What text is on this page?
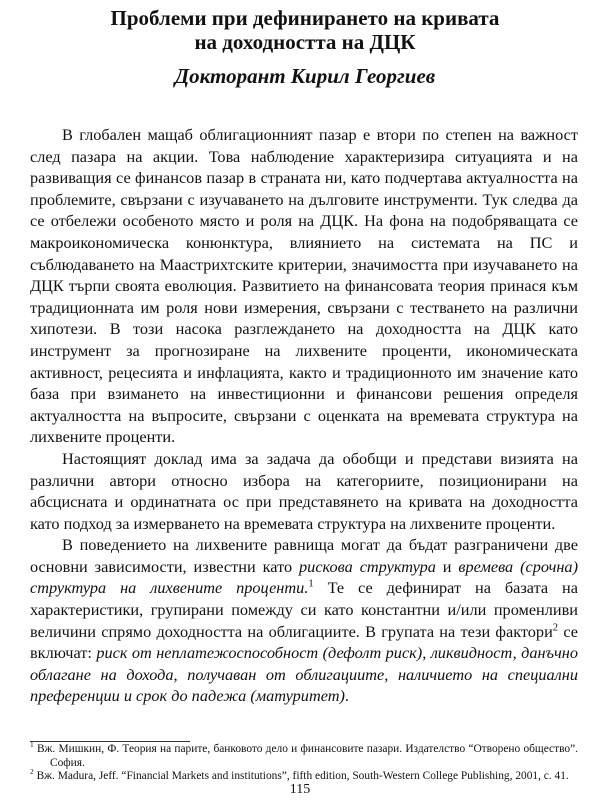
Проблеми при дефинирането на кривата
на доходността на ДЦК
Докторант Кирил Георгиев

В глобален мащаб облигационният пазар е втори по степен на важност след пазара на акции. Това наблюдение характеризира ситуацията и на развиващия се финансов пазар в страната ни, като подчертава актуалността на проблемите, свързани с изучаването на дълговите инструменти. Тук следва да се отбележи особеното място и роля на ДЦК. На фона на подобряващата се макроикономическа конюнктура, влиянието на системата на ПС и съблюдаването на Маастрихтските критерии, значимостта при изучаването на ДЦК търпи своята еволюция. Развитието на финансовата теория принася към традиционната им роля нови измерения, свързани с тестването на различни хипотези. В този насока разглеждането на доходността на ДЦК като инструмент за прогнозиране на лихвените проценти, икономическата активност, рецесията и инфлацията, както и традиционното им значение като база при взимането на инвестиционни и финансови решения определя актуалността на въпросите, свързани с оценката на времевата структура на лихвените проценти.

Настоящият доклад има за задача да обобщи и представи визията на различни автори относно избора на категориите, позиционирани на абсцисната и ординатната ос при представянето на кривата на доходността като подход за измерването на времевата структура на лихвените проценти.

В поведението на лихвените равнища могат да бъдат разграничени две основни зависимости, известни като рискова структура и времева (срочна) структура на лихвените проценти.$^1$ Те се дефинират на базата на характеристики, групирани помежду си като константни и/или променливи величини спрямо доходността на облигациите. В групата на тези фактори$^2$ се включат: риск от неплатежоспособност (дефолт риск), ликвидност, данъчно облагане на дохода, получаван от облигациите, наличието на специални преференции и срок до падежа (матуритет).

$^1$ Вж. Мишкин, Ф. Теория на парите, банковото дело и финансовите пазари. Издателство “Отворено общество”. София.

$^2$ Вж. Madura, Jeff. “Financial Markets and institutions”, fifth edition, South-Western College Publishing, 2001, с. 41.

115
